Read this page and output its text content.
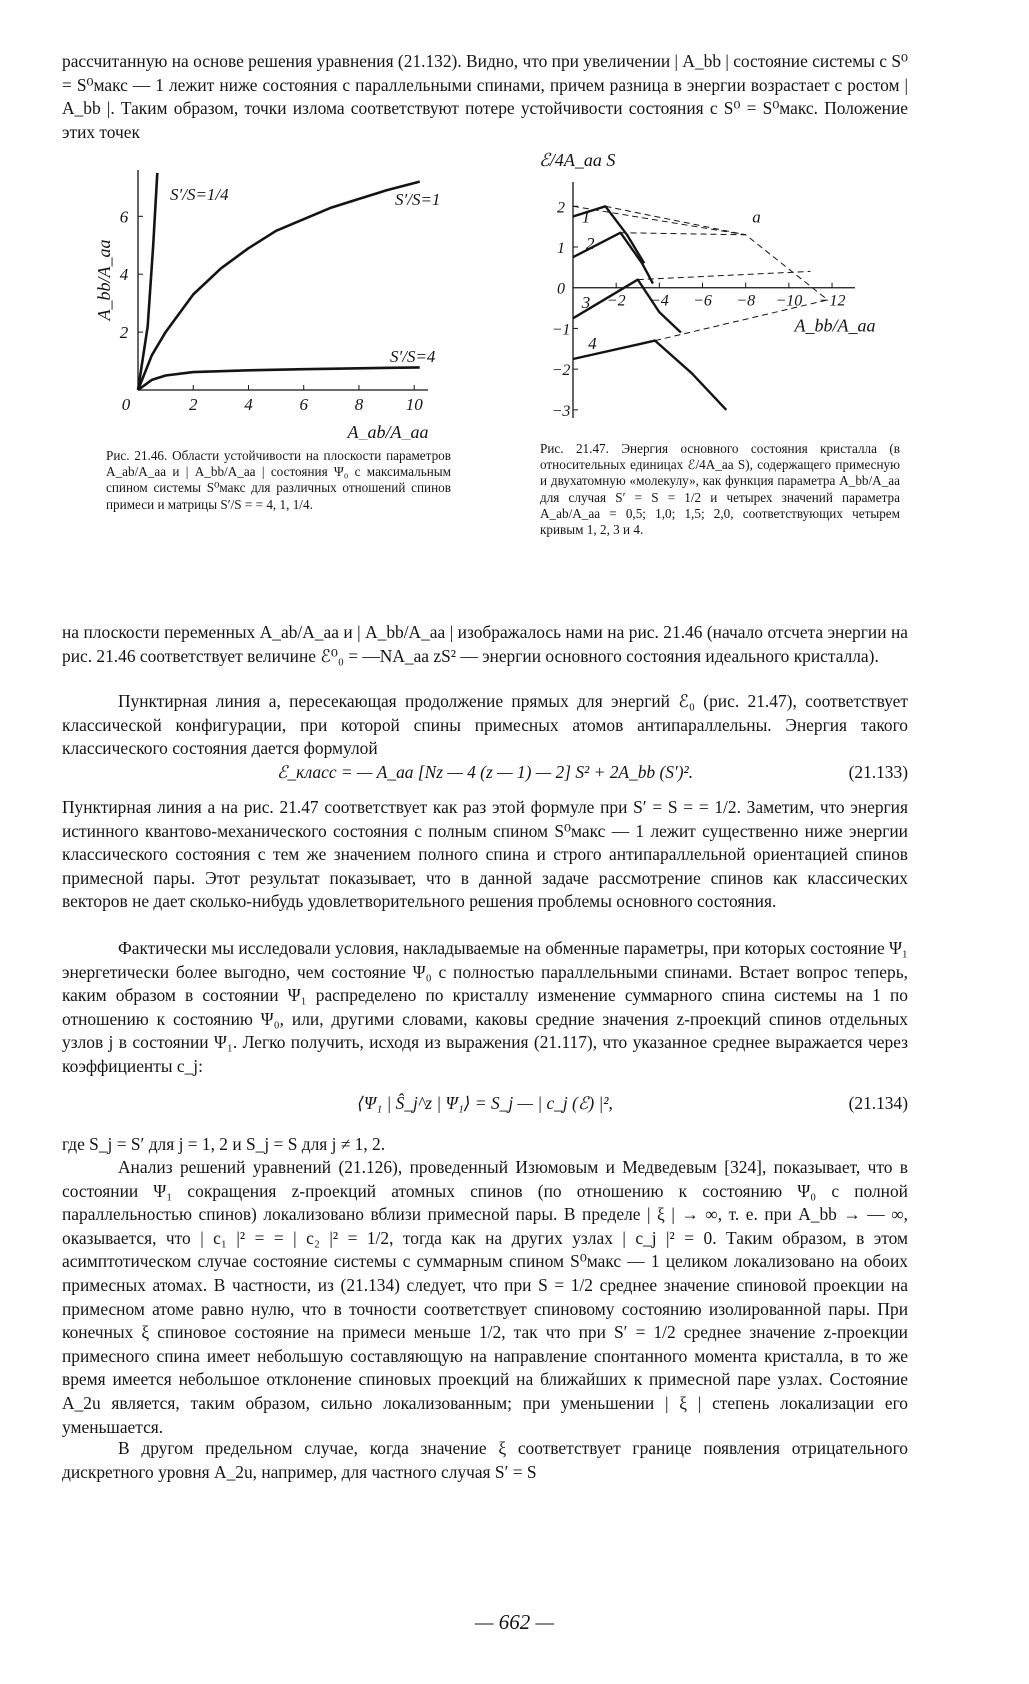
рассчитанную на основе решения уравнения (21.132). Видно, что при увеличении | A_bb | состояние системы с S⁰ = S⁰макс — 1 лежит ниже состояния с параллельными спинами, причем разница в энергии возрастает с ростом | A_bb |. Таким образом, точки излома соответствуют потере устойчивости состояния с S⁰ = S⁰макс. Положение этих точек

0	2	4	6	8 10
2
4
6
A_bb/A_aa
A_ab/A_aa
S′/S=1/4	S′/S=1
S′/S=4

Рис. 21.46. Области устойчивости на плоскости параметров A_ab/A_aa и | A_bb/A_aa | состояния Ψ₀ с максимальным спином системы S⁰макс для различных отношений спинов примеси и матрицы S′/S = = 4, 1, 1/4.

ℰ/4A_aa S
2
1
0
−1
−2
−3
−2 −4 −6 −8 −10 −12
A_bb/A_aa
1
2
3
4
a

Рис. 21.47. Энергия основного состояния кристалла (в относительных единицах ℰ/4A_aa S), содержащего примесную и двухатомную «молекулу», как функция параметра A_bb/A_aa для случая S′ = S = 1/2 и четырех значений параметра A_ab/A_aa = 0,5; 1,0; 1,5; 2,0, соответствующих четырем кривым 1, 2, 3 и 4.

на плоскости переменных A_ab/A_aa и | A_bb/A_aa | изображалось нами на рис. 21.46 (начало отсчета энергии на рис. 21.46 соответствует величине ℰ⁰₀ = —NA_aa zS² — энергии основного состояния идеального кристалла).

Пунктирная линия a, пересекающая продолжение прямых для энергий ℰ₀ (рис. 21.47), соответствует классической конфигурации, при которой спины примесных атомов антипараллельны. Энергия такого классического состояния дается формулой

ℰ_класс = — A_aa [Nz — 4 (z — 1) — 2] S² + 2A_bb (S′)².	(21.133)

Пунктирная линия a на рис. 21.47 соответствует как раз этой формуле при S′ = S = = 1/2. Заметим, что энергия истинного квантово-механического состояния с полным спином S⁰макс — 1 лежит существенно ниже энергии классического состояния с тем же значением полного спина и строго антипараллельной ориентацией спинов примесной пары. Этот результат показывает, что в данной задаче рассмотрение спинов как классических векторов не дает сколько-нибудь удовлетворительного решения проблемы основного состояния.

Фактически мы исследовали условия, накладываемые на обменные параметры, при которых состояние Ψ₁ энергетически более выгодно, чем состояние Ψ₀ с полностью параллельными спинами. Встает вопрос теперь, каким образом в состоянии Ψ₁ распределено по кристаллу изменение суммарного спина системы на 1 по отношению к состоянию Ψ₀, или, другими словами, каковы средние значения z-проекций спинов отдельных узлов j в состоянии Ψ₁. Легко получить, исходя из выражения (21.117), что указанное среднее выражается через коэффициенты c_j:

⟨Ψ₁ | Ŝ_j^z | Ψ₁⟩ = S_j — | c_j (ℰ) |²,	(21.134)

где S_j = S′ для j = 1, 2 и S_j = S для j ≠ 1, 2.

Анализ решений уравнений (21.126), проведенный Изюмовым и Медведевым [324], показывает, что в состоянии Ψ₁ сокращения z-проекций атомных спинов (по отношению к состоянию Ψ₀ с полной параллельностью спинов) локализовано вблизи примесной пары. В пределе | ξ | → ∞, т. е. при A_bb → — ∞, оказывается, что | c₁ |² = = | c₂ |² = 1/2, тогда как на других узлах | c_j |² = 0. Таким образом, в этом асимптотическом случае состояние системы с суммарным спином S⁰макс — 1 целиком локализовано на обоих примесных атомах. В частности, из (21.134) следует, что при S = 1/2 среднее значение спиновой проекции на примесном атоме равно нулю, что в точности соответствует спиновому состоянию изолированной пары. При конечных ξ спиновое состояние на примеси меньше 1/2, так что при S′ = 1/2 среднее значение z-проекции примесного спина имеет небольшую составляющую на направление спонтанного момента кристалла, в то же время имеется небольшое отклонение спиновых проекций на ближайших к примесной паре узлах. Состояние A_2u является, таким образом, сильно локализованным; при уменьшении | ξ | степень локализации его уменьшается.

В другом предельном случае, когда значение ξ соответствует границе появления отрицательного дискретного уровня A_2u, например, для частного случая S′ = S

— 662 —
